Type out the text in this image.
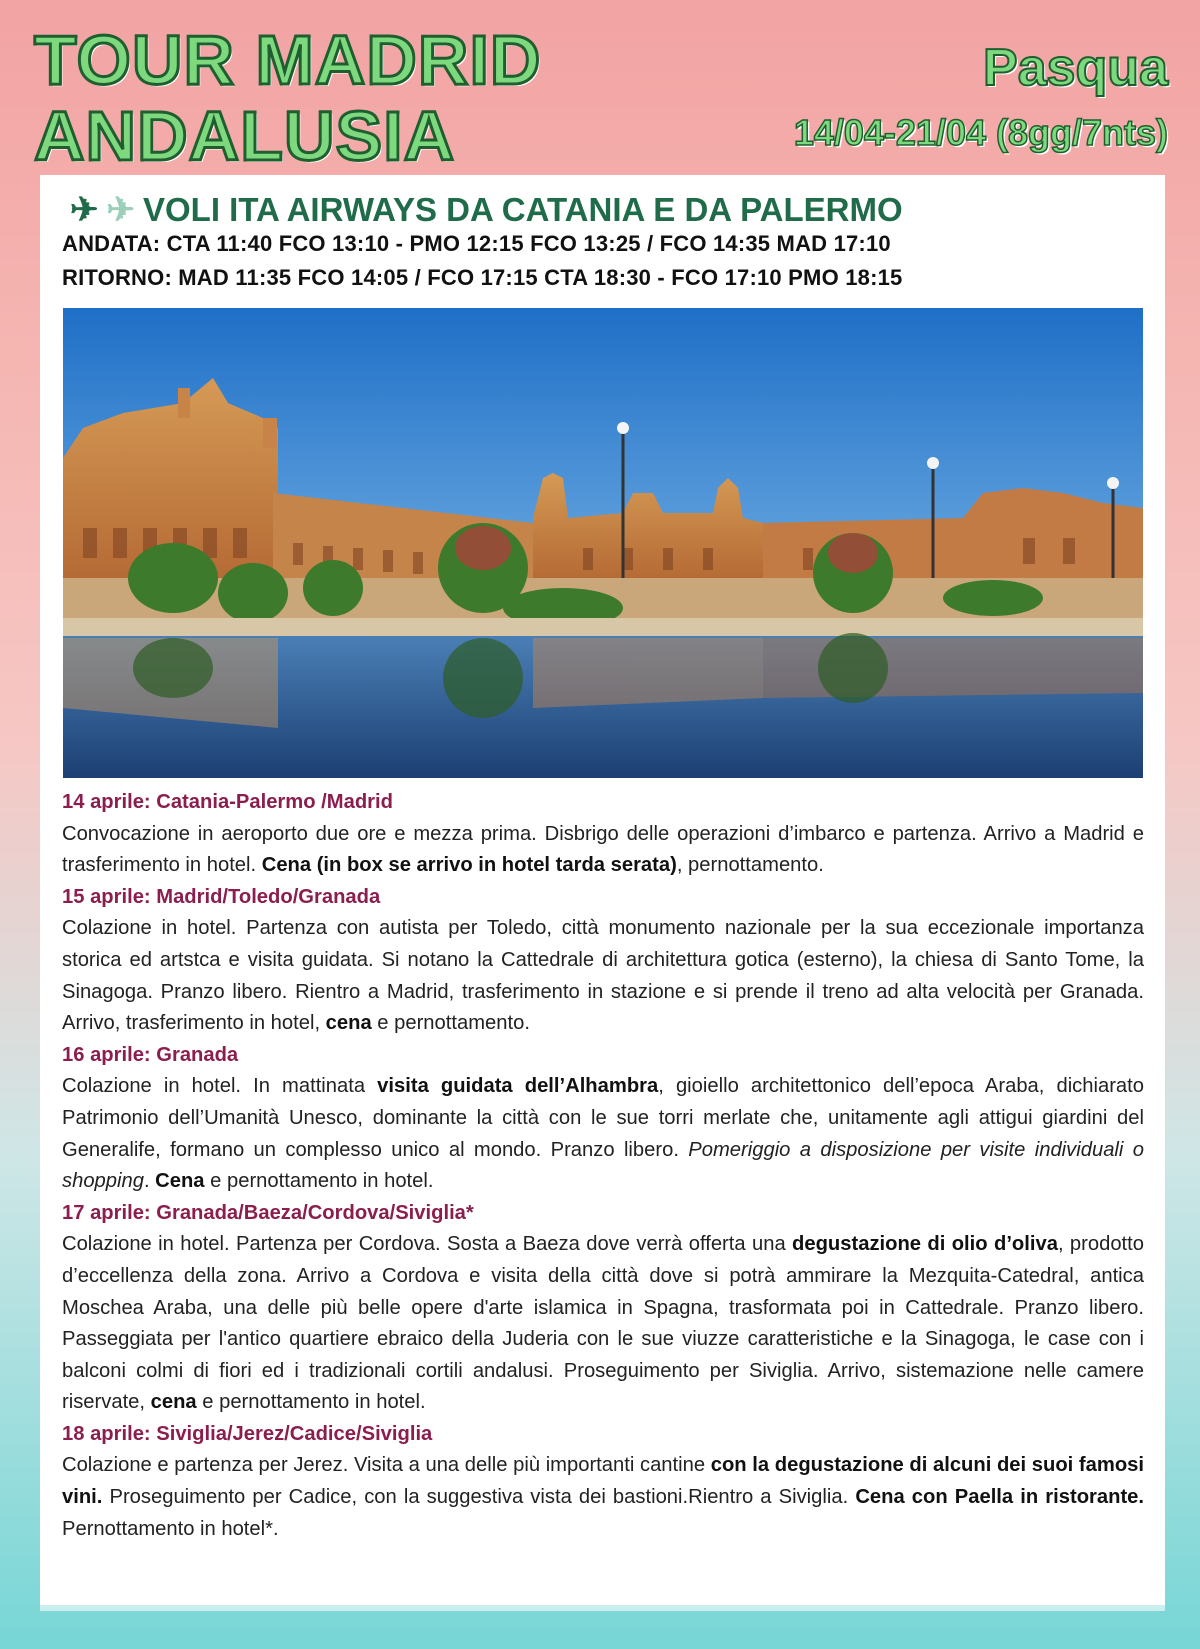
TOUR MADRID
ANDALUSIA
Pasqua
14/04-21/04 (8gg/7nts)
✈ ✈ VOLI ITA AIRWAYS DA CATANIA E DA PALERMO
ANDATA: CTA 11:40 FCO 13:10 - PMO 12:15 FCO 13:25 / FCO 14:35 MAD 17:10
RITORNO: MAD 11:35 FCO 14:05 / FCO 17:15 CTA 18:30 - FCO 17:10 PMO 18:15
14 aprile: Catania-Palermo /Madrid

Convocazione in aeroporto due ore e mezza prima. Disbrigo delle operazioni d’imbarco e partenza. Arrivo a Madrid e trasferimento in hotel. Cena (in box se arrivo in hotel tarda serata), pernottamento.

15 aprile: Madrid/Toledo/Granada

Colazione in hotel. Partenza con autista per Toledo, città monumento nazionale per la sua eccezionale importanza storica ed artstca e visita guidata. Si notano la Cattedrale di architettura gotica (esterno), la chiesa di Santo Tome, la Sinagoga. Pranzo libero. Rientro a Madrid, trasferimento in stazione e si prende il treno ad alta velocità per Granada. Arrivo, trasferimento in hotel, cena e pernottamento.

16 aprile: Granada

Colazione in hotel. In mattinata visita guidata dell’Alhambra, gioiello architettonico dell’epoca Araba, dichiarato Patrimonio dell’Umanità Unesco, dominante la città con le sue torri merlate che, unitamente agli attigui giardini del Generalife, formano un complesso unico al mondo. Pranzo libero. Pomeriggio a disposizione per visite individuali o shopping. Cena e pernottamento in hotel.

17 aprile: Granada/Baeza/Cordova/Siviglia*

Colazione in hotel. Partenza per Cordova. Sosta a Baeza dove verrà offerta una degustazione di olio d’oliva, prodotto d’eccellenza della zona. Arrivo a Cordova e visita della città dove si potrà ammirare la Mezquita-Catedral, antica Moschea Araba, una delle più belle opere d'arte islamica in Spagna, trasformata poi in Cattedrale. Pranzo libero. Passeggiata per l'antico quartiere ebraico della Juderia con le sue viuzze caratteristiche e la Sinagoga, le case con i balconi colmi di fiori ed i tradizionali cortili andalusi. Proseguimento per Siviglia. Arrivo, sistemazione nelle camere riservate, cena e pernottamento in hotel.

18 aprile: Siviglia/Jerez/Cadice/Siviglia

Colazione e partenza per Jerez. Visita a una delle più importanti cantine con la degustazione di alcuni dei suoi famosi vini. Proseguimento per Cadice, con la suggestiva vista dei bastioni.Rientro a Siviglia. Cena con Paella in ristorante. Pernottamento in hotel*.
